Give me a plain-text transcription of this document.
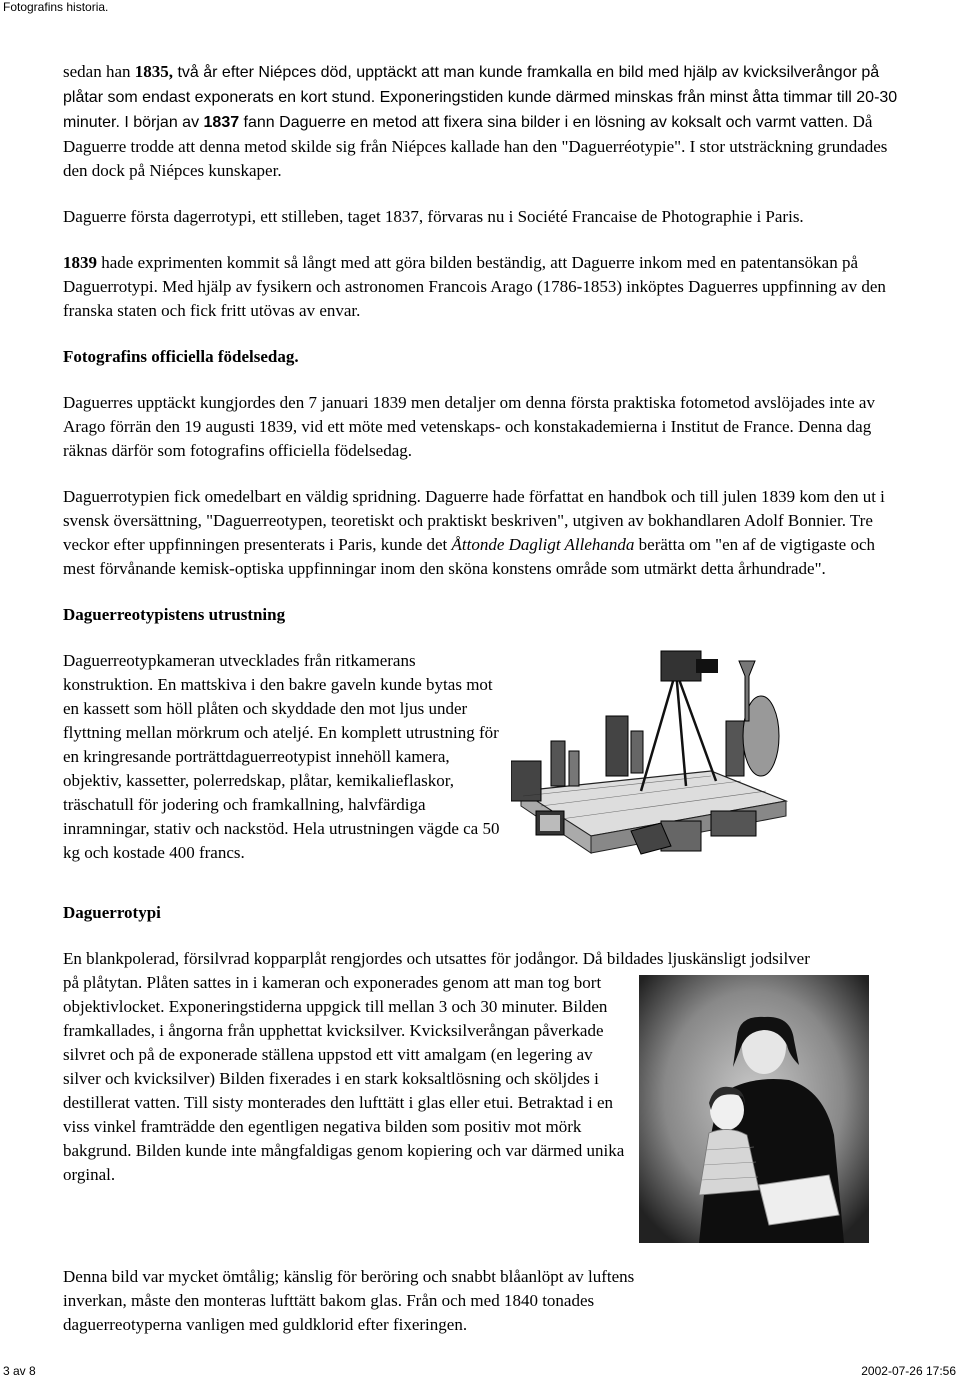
Fotografins historia.

sedan han 1835, två år efter Niépces död, upptäckt att man kunde framkalla en bild med hjälp av kvicksilverångor på plåtar som endast exponerats en kort stund. Exponeringstiden kunde därmed minskas från minst åtta timmar till 20-30 minuter. I början av 1837 fann Daguerre en metod att fixera sina bilder i en lösning av koksalt och varmt vatten. Då Daguerre trodde att denna metod skilde sig från Niépces kallade han den "Daguerréotypie". I stor utsträckning grundades den dock på Niépces kunskaper.

Daguerre första dagerrotypi, ett stilleben, taget 1837, förvaras nu i Société Francaise de Photographie i Paris.

1839 hade exprimenten kommit så långt med att göra bilden beständig, att Daguerre inkom med en patentansökan på Daguerrotypi. Med hjälp av fysikern och astronomen Francois Arago (1786-1853) inköptes Daguerres uppfinning av den franska staten och fick fritt utövas av envar.

Fotografins officiella födelsedag.

Daguerres upptäckt kungjordes den 7 januari 1839 men detaljer om denna första praktiska fotometod avslöjades inte av Arago förrän den 19 augusti 1839, vid ett möte med vetenskaps- och konstakademierna i Institut de France. Denna dag räknas därför som fotografins officiella födelsedag.

Daguerrotypien fick omedelbart en väldig spridning. Daguerre hade författat en handbok och till julen 1839 kom den ut i svensk översättning, "Daguerreotypen, teoretiskt och praktiskt beskriven", utgiven av bokhandlaren Adolf Bonnier. Tre veckor efter uppfinningen presenterats i Paris, kunde det Åttonde Dagligt Allehanda berätta om "en af de vigtigaste och mest förvånande kemisk-optiska uppfinningar inom den sköna konstens område som utmärkt detta århundrade".

Daguerreotypistens utrustning

Daguerreotypkameran utvecklades från ritkamerans konstruktion. En mattskiva i den bakre gaveln kunde bytas mot en kassett som höll plåten och skyddade den mot ljus under flyttning mellan mörkrum och ateljé. En komplett utrustning för en kringresande porträttdaguerreotypist innehöll kamera, objektiv, kassetter, polerredskap, plåtar, kemikalieflaskor, träschatull för jodering och framkallning, halvfärdiga inramningar, stativ och nackstöd. Hela utrustningen vägde ca 50 kg och kostade 400 francs.

Daguerrotypi

En blankpolerad, försilvrad kopparplåt rengjordes och utsattes för jodångor. Då bildades ljuskänsligt jodsilver

på plåtytan. Plåten sattes in i kameran och exponerades genom att man tog bort objektivlocket. Exponeringstiderna uppgick till mellan 3 och 30 minuter. Bilden framkallades, i ångorna från upphettat kvicksilver. Kvicksilverångan påverkade silvret och på de exponerade ställena uppstod ett vitt amalgam (en legering av silver och kvicksilver) Bilden fixerades i en stark koksaltlösning och sköljdes i destillerat vatten. Till sisty monterades den lufttätt i glas eller etui. Betraktad i en viss vinkel framträdde den egentligen negativa bilden som positiv mot mörk bakgrund. Bilden kunde inte mångfaldigas genom kopiering och var därmed unika orginal.

Denna bild var mycket ömtålig; känslig för beröring och snabbt blåanlöpt av luftens inverkan, måste den monteras lufttätt bakom glas. Från och med 1840 tonades daguerreotyperna vanligen med guldklorid efter fixeringen.

3 av 8	2002-07-26 17:56
